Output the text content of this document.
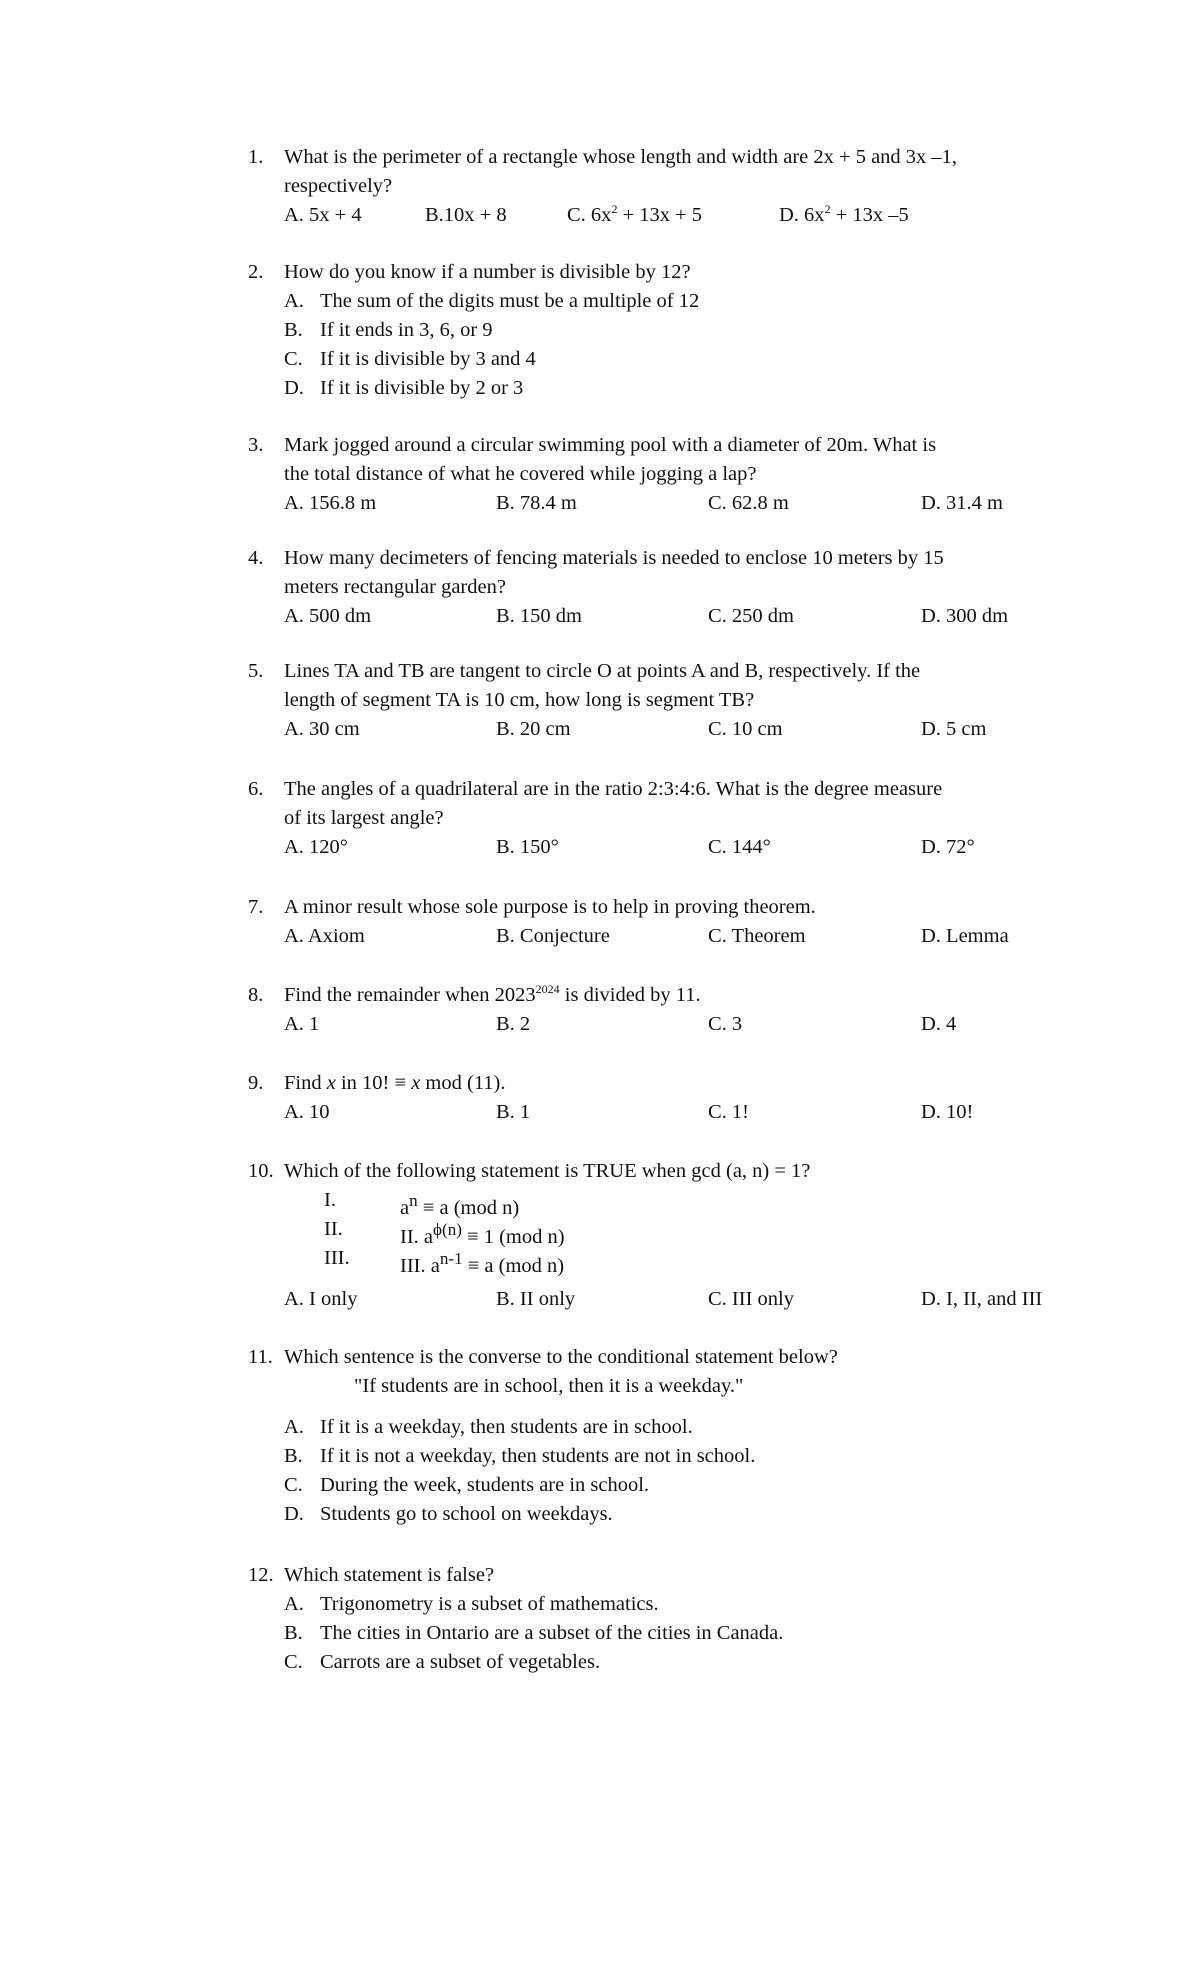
1.	What is the perimeter of a rectangle whose length and width are 2x + 5 and 3x –1,
respectively?
A. 5x + 4	B.10x + 8	C. $6x^2 + 13x + 5$	D. $6x^2 + 13x$ –5
2.	How do you know if a number is divisible by 12?
A. The sum of the digits must be a multiple of 12
B. If it ends in 3, 6, or 9
C. If it is divisible by 3 and 4
D. If it is divisible by 2 or 3
3.	Mark jogged around a circular swimming pool with a diameter of 20m. What is
the total distance of what he covered while jogging a lap?
A. 156.8 m	B. 78.4 m	C. 62.8 m	D. 31.4 m
4.	How many decimeters of fencing materials is needed to enclose 10 meters by 15
meters rectangular garden?
A. 500 dm	B. 150 dm	C. 250 dm	D. 300 dm
5.	Lines TA and TB are tangent to circle O at points A and B, respectively. If the
length of segment TA is 10 cm, how long is segment TB?
A. 30 cm	B. 20 cm	C. 10 cm	D. 5 cm
6.	The angles of a quadrilateral are in the ratio 2:3:4:6. What is the degree measure
of its largest angle?
A. 120°	B. 150°	C. 144°	D. 72°
7.	A minor result whose sole purpose is to help in proving theorem.
A. Axiom	B. Conjecture	C. Theorem	D. Lemma
8.	Find the remainder when $2023^{2024}$ is divided by 11.
A. 1	B. 2	C. 3	D. 4
9.	Find x in 10! ≡ x mod (11).
A. 10	B. 1	C. 1!	D. 10!
10. Which of the following statement is TRUE when gcd (a, n) = 1?
I.	$a^n \equiv a$ (mod n)
II.	II. $a^{\phi(n)} \equiv 1$ (mod n)
III. III. $a^{n-1} \equiv a$ (mod n)
A. I only	B. II only	C. III only	D. I, II, and III
11. Which sentence is the converse to the conditional statement below?
"If students are in school, then it is a weekday."
A. If it is a weekday, then students are in school.
B. If it is not a weekday, then students are not in school.
C. During the week, students are in school.
D. Students go to school on weekdays.
12. Which statement is false?
A. Trigonometry is a subset of mathematics.
B. The cities in Ontario are a subset of the cities in Canada.
C. Carrots are a subset of vegetables.
